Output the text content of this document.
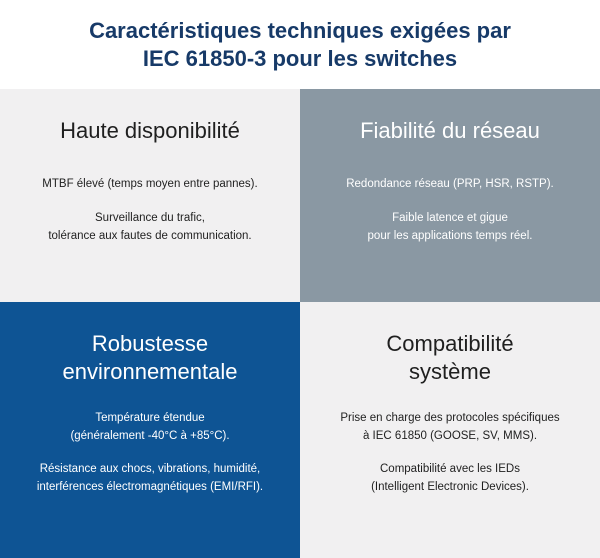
Caractéristiques techniques exigées par IEC 61850-3 pour les switches
Haute disponibilité

MTBF élevé (temps moyen entre pannes).

Surveillance du trafic,
tolérance aux fautes de communication.

Fiabilité du réseau

Redondance réseau (PRP, HSR, RSTP).

Faible latence et gigue
pour les applications temps réel.

Robustesse environnementale

Température étendue
(généralement -40°C à +85°C).

Résistance aux chocs, vibrations, humidité,
interférences électromagnétiques (EMI/RFI).

Compatibilité système

Prise en charge des protocoles spécifiques
à IEC 61850 (GOOSE, SV, MMS).

Compatibilité avec les IEDs
(Intelligent Electronic Devices).
